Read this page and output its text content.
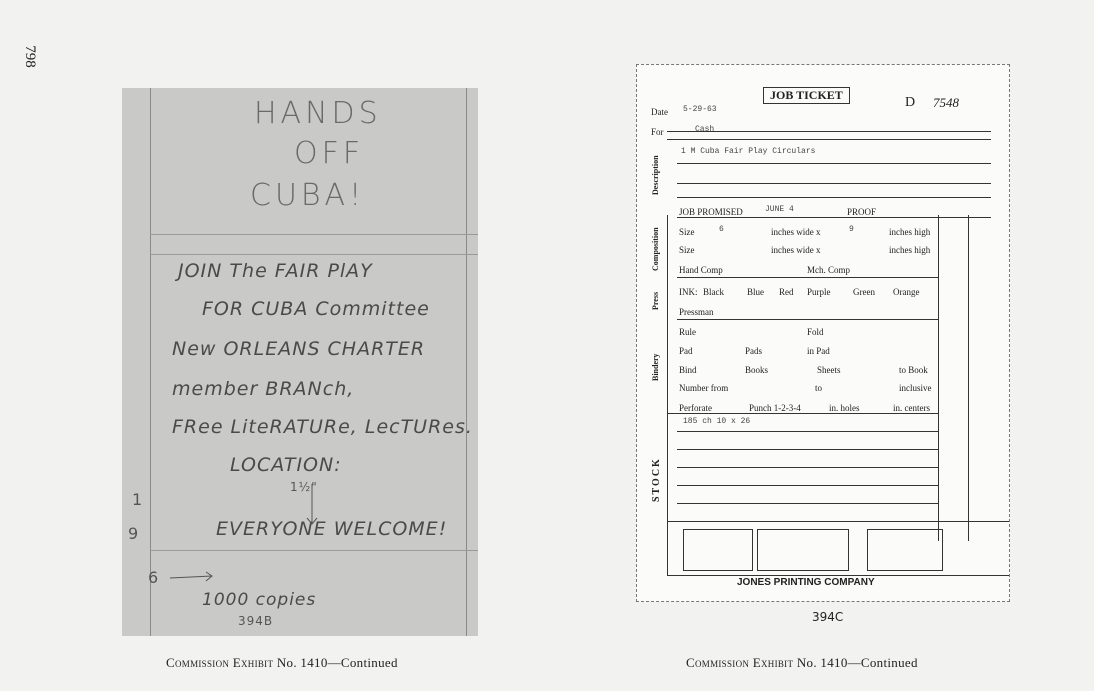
798
HANDS
OFF
CUBA!
JOIN The FAIR PlAY
FOR CUBA Committee
New ORLEANS CHARTER
member BRANch,
FRee LiteRATURe, LecTURes.
LOCATION:
EVERYONE WELCOME!
1½"
1
9
6
1000 copies
394B
Commission Exhibit No. 1410—Continued
JOB TICKET	D 7548
Date 5-29-63
For	Cash
Description
1 M Cuba Fair Play Circulars
JOB PROMISED	JUNE 4	PROOF
Composition	Size	6	inches wide x	9	inches high
Size	inches wide x	inches high
Hand Comp	Mch. Comp
Press	INK: Black	Blue Red Purple	Green Orange
Pressman
Bindery
Rule	Fold
Pad	Pads	in Pad
Bind	Books	Sheets	to Book
Number from	to	inclusive
Perforate	Punch 1-2-3-4	in. holes	in. centers
STOCK
185 ch 10 x 26
JONES PRINTING COMPANY
394C
Commission Exhibit No. 1410—Continued
